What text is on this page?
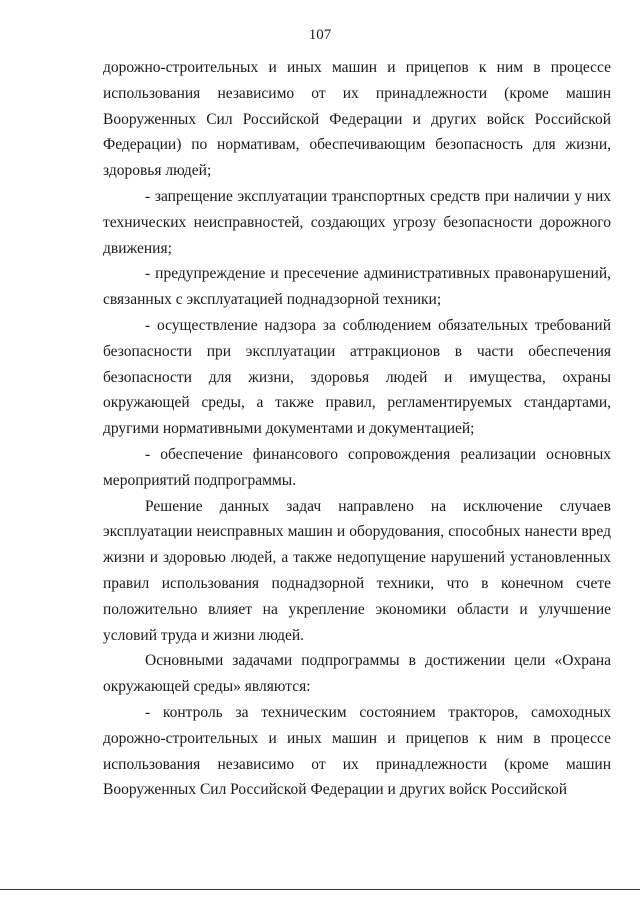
107

дорожно-строительных и иных машин и прицепов к ним в процессе использования независимо от их принадлежности (кроме машин Вооруженных Сил Российской Федерации и других войск Российской Федерации) по нормативам, обеспечивающим безопасность для жизни, здоровья людей;

- запрещение эксплуатации транспортных средств при наличии у них технических неисправностей, создающих угрозу безопасности дорожного движения;

- предупреждение и пресечение административных правонарушений, связанных с эксплуатацией поднадзорной техники;

- осуществление надзора за соблюдением обязательных требований безопасности при эксплуатации аттракционов в части обеспечения безопасности для жизни, здоровья людей и имущества, охраны окружающей среды, а также правил, регламентируемых стандартами, другими нормативными документами и документацией;

- обеспечение финансового сопровождения реализации основных мероприятий подпрограммы.

Решение данных задач направлено на исключение случаев эксплуатации неисправных машин и оборудования, способных нанести вред жизни и здоровью людей, а также недопущение нарушений установленных правил использования поднадзорной техники, что в конечном счете положительно влияет на укрепление экономики области и улучшение условий труда и жизни людей.

Основными задачами подпрограммы в достижении цели «Охрана окружающей среды» являются:

- контроль за техническим состоянием тракторов, самоходных дорожно-строительных и иных машин и прицепов к ним в процессе использования независимо от их принадлежности (кроме машин Вооруженных Сил Российской Федерации и других войск Российской
